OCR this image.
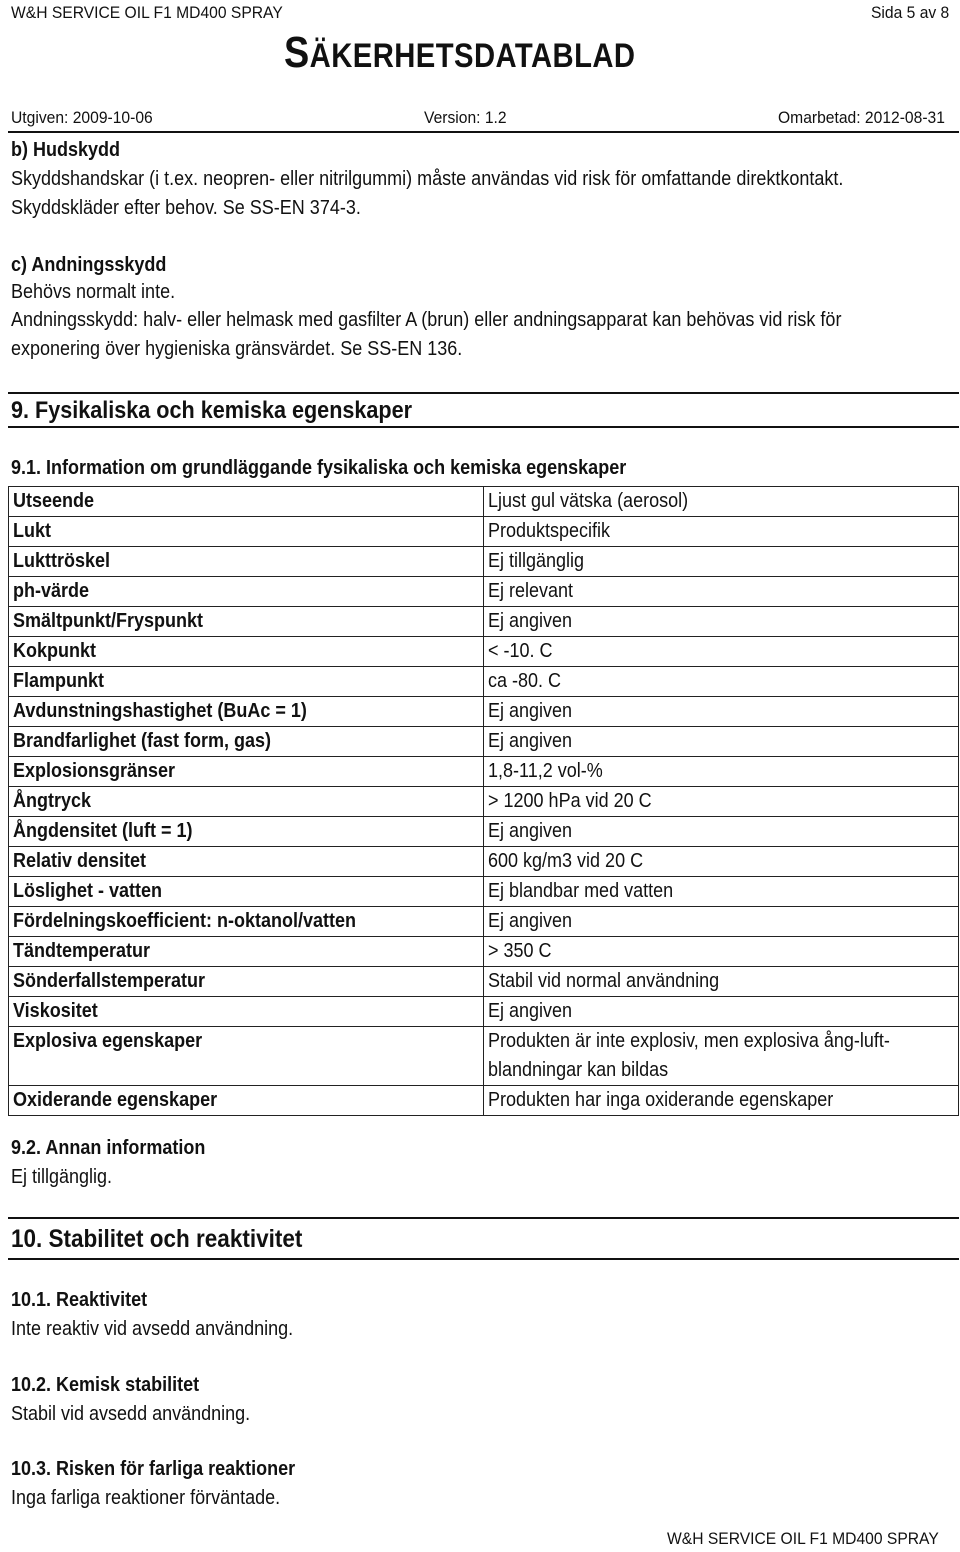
W&H SERVICE OIL F1 MD400 SPRAY	Sida 5 av 8
SÄKERHETSDATABLAD
Utgiven: 2009-10-06	Version: 1.2	Omarbetad: 2012-08-31
b) Hudskydd
Skyddshandskar (i t.ex. neopren- eller nitrilgummi) måste användas vid risk för omfattande direktkontakt.
Skyddskläder efter behov. Se SS-EN 374-3.
c) Andningsskydd
Behövs normalt inte.
Andningsskydd: halv- eller helmask med gasfilter A (brun) eller andningsapparat kan behövas vid risk för
exponering över hygieniska gränsvärdet. Se SS-EN 136.
9. Fysikaliska och kemiska egenskaper
9.1. Information om grundläggande fysikaliska och kemiska egenskaper
Utseende	Ljust gul vätska (aerosol)
Lukt	Produktspecifik
Lukttröskel	Ej tillgänglig
ph-värde	Ej relevant
Smältpunkt/Fryspunkt	Ej angiven
Kokpunkt	< -10. C
Flampunkt	ca -80. C
Avdunstningshastighet (BuAc = 1)	Ej angiven
Brandfarlighet (fast form, gas)	Ej angiven
Explosionsgränser	1,8-11,2 vol-%
Ångtryck	> 1200 hPa vid 20 C
Ångdensitet (luft = 1)	Ej angiven
Relativ densitet	600 kg/m3 vid 20 C
Löslighet - vatten	Ej blandbar med vatten
Fördelningskoefficient: n-oktanol/vatten	Ej angiven
Tändtemperatur	> 350 C
Sönderfallstemperatur	Stabil vid normal användning
Viskositet	Ej angiven
Explosiva egenskaper	Produkten är inte explosiv, men explosiva ång-luft-blandningar kan bildas
Oxiderande egenskaper	Produkten har inga oxiderande egenskaper
9.2. Annan information
Ej tillgänglig.
10. Stabilitet och reaktivitet
10.1. Reaktivitet
Inte reaktiv vid avsedd användning.
10.2. Kemisk stabilitet
Stabil vid avsedd användning.
10.3. Risken för farliga reaktioner
Inga farliga reaktioner förväntade.
W&H SERVICE OIL F1 MD400 SPRAY
